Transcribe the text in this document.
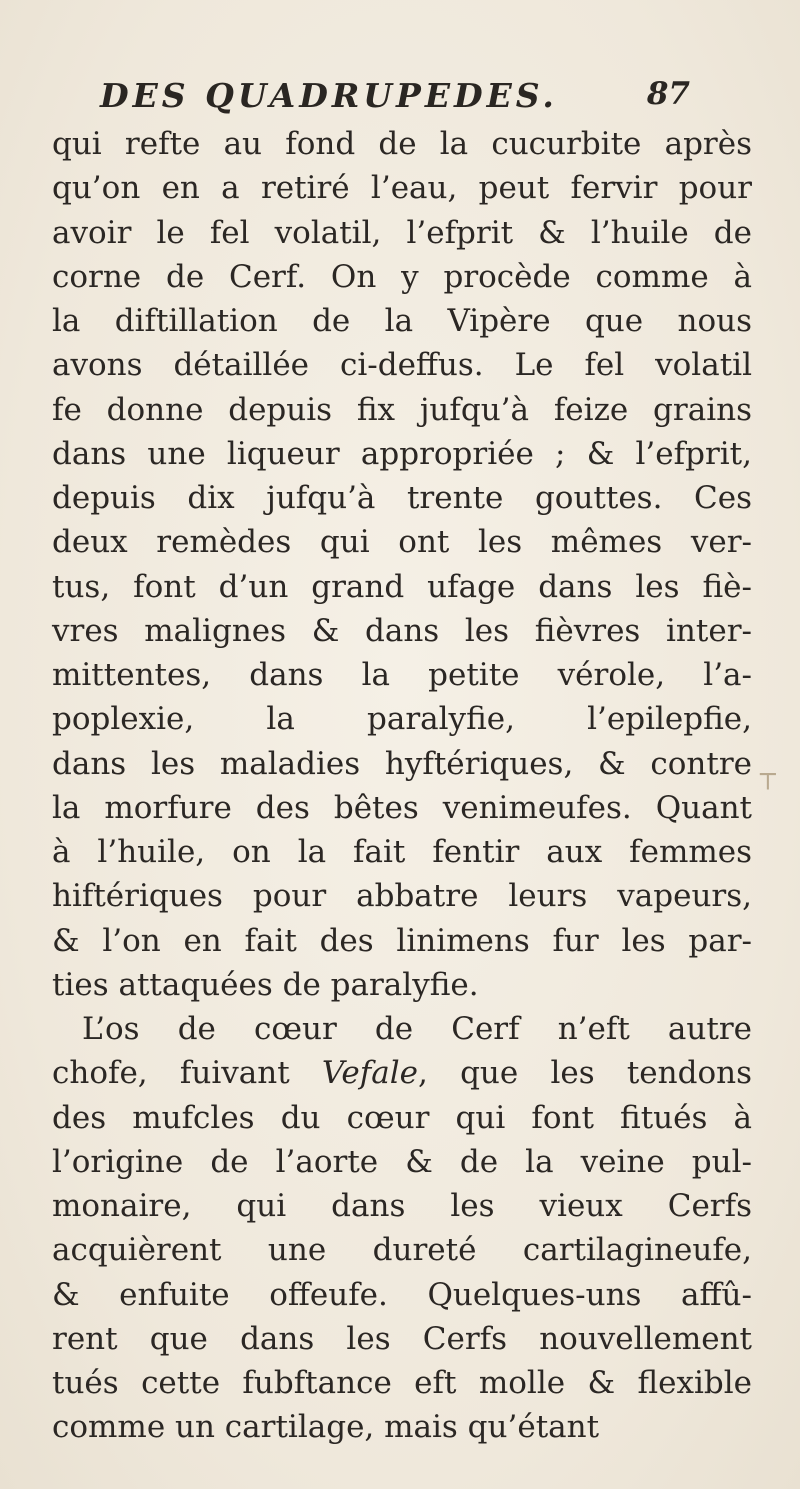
DES QUADRUPEDES.	87
qui refte au fond de la cucurbite après
qu’on en a retiré l’eau, peut fervir pour
avoir le fel volatil, l’efprit & l’huile de
corne de Cerf. On y procède comme à
la diftillation de la Vipère que nous
avons détaillée ci-deffus. Le fel volatil
fe donne depuis fix jufqu’à feize grains
dans une liqueur appropriée ; & l’efprit,
depuis dix jufqu’à trente gouttes. Ces
deux remèdes qui ont les mêmes ver-
tus, font d’un grand ufage dans les fiè-
vres malignes & dans les fièvres inter-
mittentes, dans la petite vérole, l’a-
poplexie, la paralyfie, l’epilepfie,
dans les maladies hyftériques, & contre
la morfure des bêtes venimeufes. Quant
à l’huile, on la fait fentir aux femmes
hiftériques pour abbatre leurs vapeurs,
& l’on en fait des linimens fur les par-
ties attaquées de paralyfie.
L’os de cœur de Cerf n’eft autre
chofe, fuivant Vefale, que les tendons
des mufcles du cœur qui font fitués à
l’origine de l’aorte & de la veine pul-
monaire, qui dans les vieux Cerfs
acquièrent une dureté cartilagineufe,
& enfuite offeufe. Quelques-uns affû-
rent que dans les Cerfs nouvellement
tués cette fubftance eft molle & flexible
comme un cartilage, mais qu’étant
┬
